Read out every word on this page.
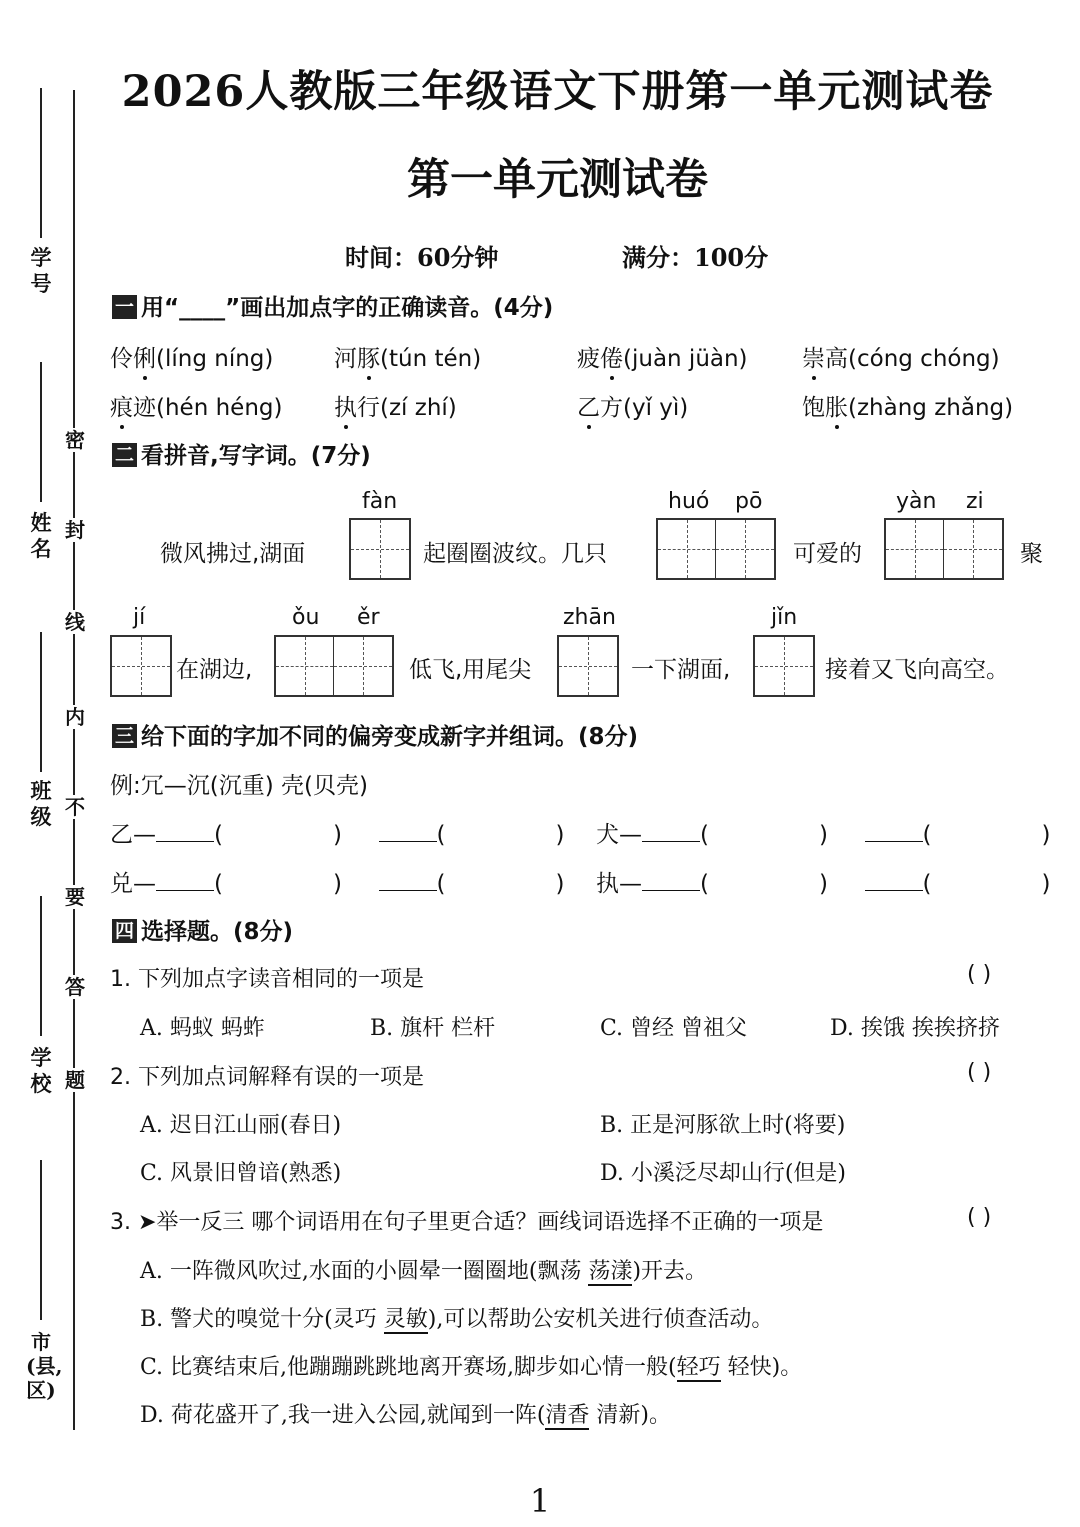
学号
姓名
班级
学校
市(县,区)
密
封
线
内
不
要
答
题
2026人教版三年级语文下册第一单元测试卷
第一单元测试卷
时间：60分钟	满分：100分
一 用“____”画出加点字的正确读音。(4分)
伶俐(líng níng)	河豚(tún tén)	疲倦(juàn jüàn) 崇高(cóng chóng)
痕迹(hén héng) 执行(zí zhí)	乙方(yǐ yì)	饱胀(zhàng zhǎng)
二 看拼音,写字词。(7分)
fàn	huó pō	yàn zi
微风拂过,湖面	起圈圈波纹。几只	可爱的	聚
jí	ǒu ěr	zhān	jǐn
在湖边,	低飞,用尾尖	一下湖面,	接着又飞向高空。
三 给下面的字加不同的偏旁变成新字并组词。(8分)
例:冗—沉(沉重) 壳(贝壳)
乙—	(	)	(	) 犬—	(	)	(	)
兑—	(	)	(	) 执—	(	)	(	)
四 选择题。(8分)
1. 下列加点字读音相同的一项是	( )
A. 蚂蚁 蚂蚱	B. 旗杆 栏杆	C. 曾经 曾祖父	D. 挨饿 挨挨挤挤
2. 下列加点词解释有误的一项是	( )
A. 迟日江山丽(春日)	B. 正是河豚欲上时(将要)
C. 风景旧曾谙(熟悉)	D. 小溪泛尽却山行(但是)
3. ➤举一反三 哪个词语用在句子里更合适？画线词语选择不正确的一项是	( )
A. 一阵微风吹过,水面的小圆晕一圈圈地(飘荡 荡漾)开去。
B. 警犬的嗅觉十分(灵巧 灵敏),可以帮助公安机关进行侦查活动。
C. 比赛结束后,他蹦蹦跳跳地离开赛场,脚步如心情一般(轻巧 轻快)。
D. 荷花盛开了,我一进入公园,就闻到一阵(清香 清新)。
1
